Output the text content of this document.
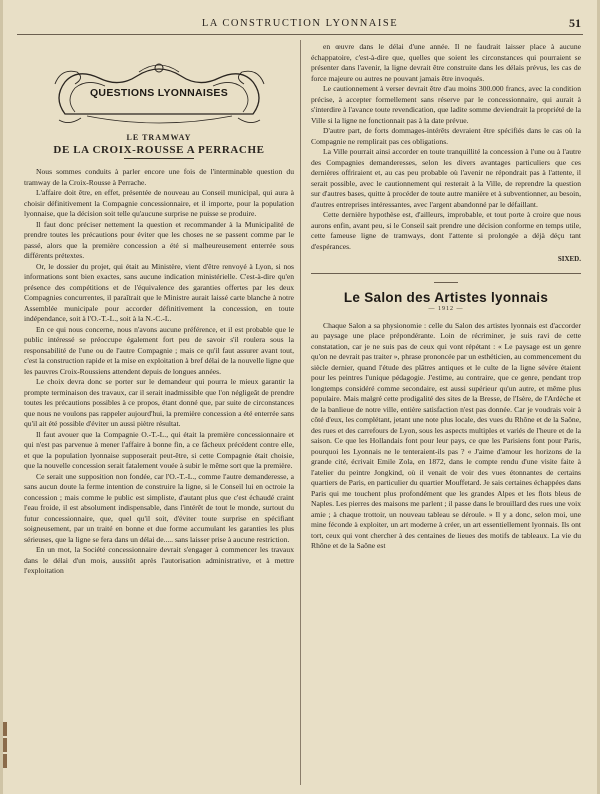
LA CONSTRUCTION LYONNAISE	51
QUESTIONS LYONNAISES
LE TRAMWAY
DE LA CROIX-ROUSSE A PERRACHE

Nous sommes conduits à parler encore une fois de l'interminable question du tramway de la Croix-Rousse à Perrache.

L'affaire doit être, en effet, présentée de nouveau au Conseil municipal, qui aura à choisir définitivement la Compagnie concessionnaire, et il importe, pour la population lyonnaise, que la décision soit telle qu'aucune surprise ne puisse se produire.

Il faut donc préciser nettement la question et recommander à la Municipalité de prendre toutes les précautions pour éviter que les choses ne se passent comme par le passé, alors que la première concession a été si malheureusement enterrée sous différents prétextes.

Or, le dossier du projet, qui était au Ministère, vient d'être renvoyé à Lyon, si nos informations sont bien exactes, sans aucune indication ministérielle. C'est-à-dire qu'en présence des compétitions et de l'équivalence des garanties offertes par les deux Compagnies concurrentes, il paraîtrait que le Ministre aurait laissé carte blanche à notre Assemblée municipale pour accorder définitivement la concession, en toute indépendance, soit à l'O.-T.-L., soit à la N.-C.-L.

En ce qui nous concerne, nous n'avons aucune préférence, et il est probable que le public intéressé se préoccupe également fort peu de savoir s'il roulera sous la responsabilité de l'une ou de l'autre Compagnie ; mais ce qu'il faut assurer avant tout, c'est la construction rapide et la mise en exploitation à bref délai de la nouvelle ligne que les pauvres Croix-Roussiens attendent depuis de longues années.

Le choix devra donc se porter sur le demandeur qui pourra le mieux garantir la prompte terminaison des travaux, car il serait inadmissible que l'on négligeât de prendre toutes les précautions possibles à ce propos, étant donné que, par suite de circonstances que nous ne voulons pas rappeler aujourd'hui, la première concession a été enterrée sans qu'il ait été possible d'éviter un aussi piètre résultat.

Il faut avouer que la Compagnie O.-T.-L., qui était la première concessionnaire et qui n'est pas parvenue à mener l'affaire à bonne fin, a ce fâcheux précédent contre elle, et que la population lyonnaise supposerait peut-être, si cette Compagnie était choisie, que la nouvelle concession serait fatalement vouée à subir le même sort que la première.

Ce serait une supposition non fondée, car l'O.-T.-L., comme l'autre demanderesse, a sans aucun doute la ferme intention de construire la ligne, si le Conseil lui en octroie la concession ; mais comme le public est simpliste, d'autant plus que c'est échaudé craint l'eau froide, il est absolument indispensable, dans l'intérêt de tout le monde, surtout du futur concessionnaire, que, quel qu'il soit, d'éviter toute surprise en spécifiant soigneusement, par un traité en bonne et due forme accumulant les garanties les plus sérieuses, que la ligne se fera dans un délai de..... sans laisser prise à aucune restriction.

En un mot, la Société concessionnaire devrait s'engager à commencer les travaux dans le délai d'un mois, aussitôt après l'autorisation administrative, et à mettre l'exploitation

en œuvre dans le délai d'une année. Il ne faudrait laisser place à aucune échappatoire, c'est-à-dire que, quelles que soient les circonstances qui pourraient se présenter dans l'avenir, la ligne devrait être construite dans les délais prévus, les cas de force majeure ou autres ne pouvant jamais être invoqués.

Le cautionnement à verser devrait être d'au moins 300.000 francs, avec la condition précise, à accepter formellement sans réserve par le concessionnaire, qui aurait à s'interdire à l'avance toute revendication, que ladite somme deviendrait la propriété de la Ville si la ligne ne fonctionnait pas à la date prévue.

D'autre part, de forts dommages-intérêts devraient être spécifiés dans le cas où la Compagnie ne remplirait pas ces obligations.

La Ville pourrait ainsi accorder en toute tranquillité la concession à l'une ou à l'autre des Compagnies demanderesses, selon les divers avantages particuliers que ces dernières offriraient et, au cas peu probable où l'avenir ne répondrait pas à l'attente, il serait possible, avec le cautionnement qui resterait à la Ville, de reprendre la question sur d'autres bases, quitte à procéder de toute autre manière et à subventionner, au besoin, d'autres entreprises intéressantes, avec l'argent abandonné par le défaillant.

Cette dernière hypothèse est, d'ailleurs, improbable, et tout porte à croire que nous aurons enfin, avant peu, si le Conseil sait prendre une décision conforme en temps utile, cette fameuse ligne de tramways, dont l'attente si prolongée a déjà déçu tant d'espérances.

SIXED.
Le Salon des Artistes lyonnais
— 1912 —

Chaque Salon a sa physionomie : celle du Salon des artistes lyonnais est d'accorder au paysage une place prépondérante. Loin de récriminer, je suis ravi de cette constatation, car je ne suis pas de ceux qui vont répétant : « Le paysage est un genre qu'on ne devrait pas traiter », phrase prononcée par un esthéticien, au commencement du siècle dernier, quand l'étude des plâtres antiques et le culte de la ligne sévère étaient pour les peintres l'unique pédagogie. J'estime, au contraire, que ce genre, pendant trop longtemps considéré comme secondaire, est aussi supérieur qu'un autre, et même plus populaire. Mais malgré cette prodigalité des sites de la Bresse, de l'Isère, de l'Ardèche et de la banlieue de notre ville, entière satisfaction n'est pas donnée. Car je voudrais voir à côté d'eux, les complétant, jetant une note plus locale, des vues du Rhône et de la Saône, des rues et des carrefours de Lyon, sous les aspects multiples et variés de l'heure et de la saison. Ce que les Hollandais font pour leur pays, ce que les Parisiens font pour Paris, pourquoi les Lyonnais ne le tenteraient-ils pas ? « J'aime d'amour les horizons de la grande cité, écrivait Emile Zola, en 1872, dans le compte rendu d'une visite faite à l'atelier du peintre Jongkind, où il venait de voir des vues étonnantes de certains quartiers de Paris, en particulier du quartier Mouffetard. Je sais certaines échappées dans Paris qui me touchent plus profondément que les grandes Alpes et les flots bleus de Naples. Les pierres des maisons me parlent ; il passe dans le brouillard des rues une voix amie ; à chaque trottoir, un nouveau tableau se déroule. » Il y a donc, selon moi, une mine féconde à exploiter, un art moderne à créer, un art essentiellement lyonnais. Ils ont tort, ceux qui vont chercher à des centaines de lieues des motifs de tableaux. La vie du Rhône et de la Saône est
